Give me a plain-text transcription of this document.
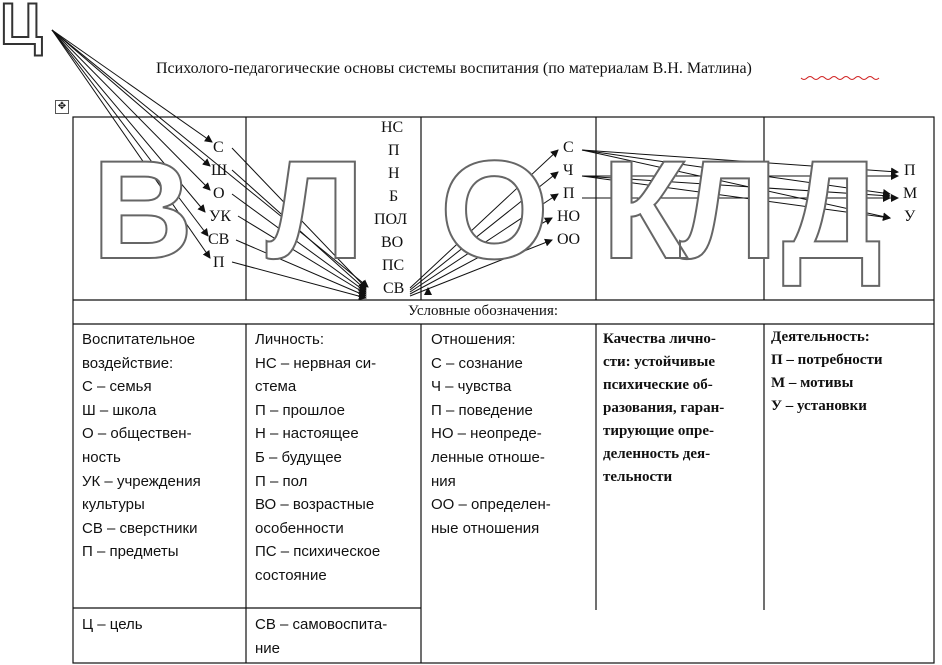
Ц
Психолого-педагогические основы системы воспитания (по материалам В.Н. Матлина)
✥
В Л О КЛ Д
С
Ш
О
УК
СВ
П
НС
П
Н
Б
ПОЛ
ВО
ПС
СВ
С
Ч
П
НО
ОО
П
М
У
Условные обозначения:
Воспитательное
воздействие:
С – семья
Ш – школа
О – обществен-
ность
УК – учреждения
культуры
СВ – сверстники
П – предметы
Личность:
НС – нервная си-
стема
П – прошлое
Н – настоящее
Б – будущее
П – пол
ВО – возрастные
особенности
ПС – психическое
состояние
Отношения:
С – сознание
Ч – чувства
П – поведение
НО – неопреде-
ленные отноше-
ния
ОО – определен-
ные отношения
Качества лично-
сти: устойчивые
психические об-
разования, гаран-
тирующие опре-
деленность дея-
тельности
Деятельность:
П – потребности
М – мотивы
У – установки
Ц – цель	СВ – самовоспита-
ние
